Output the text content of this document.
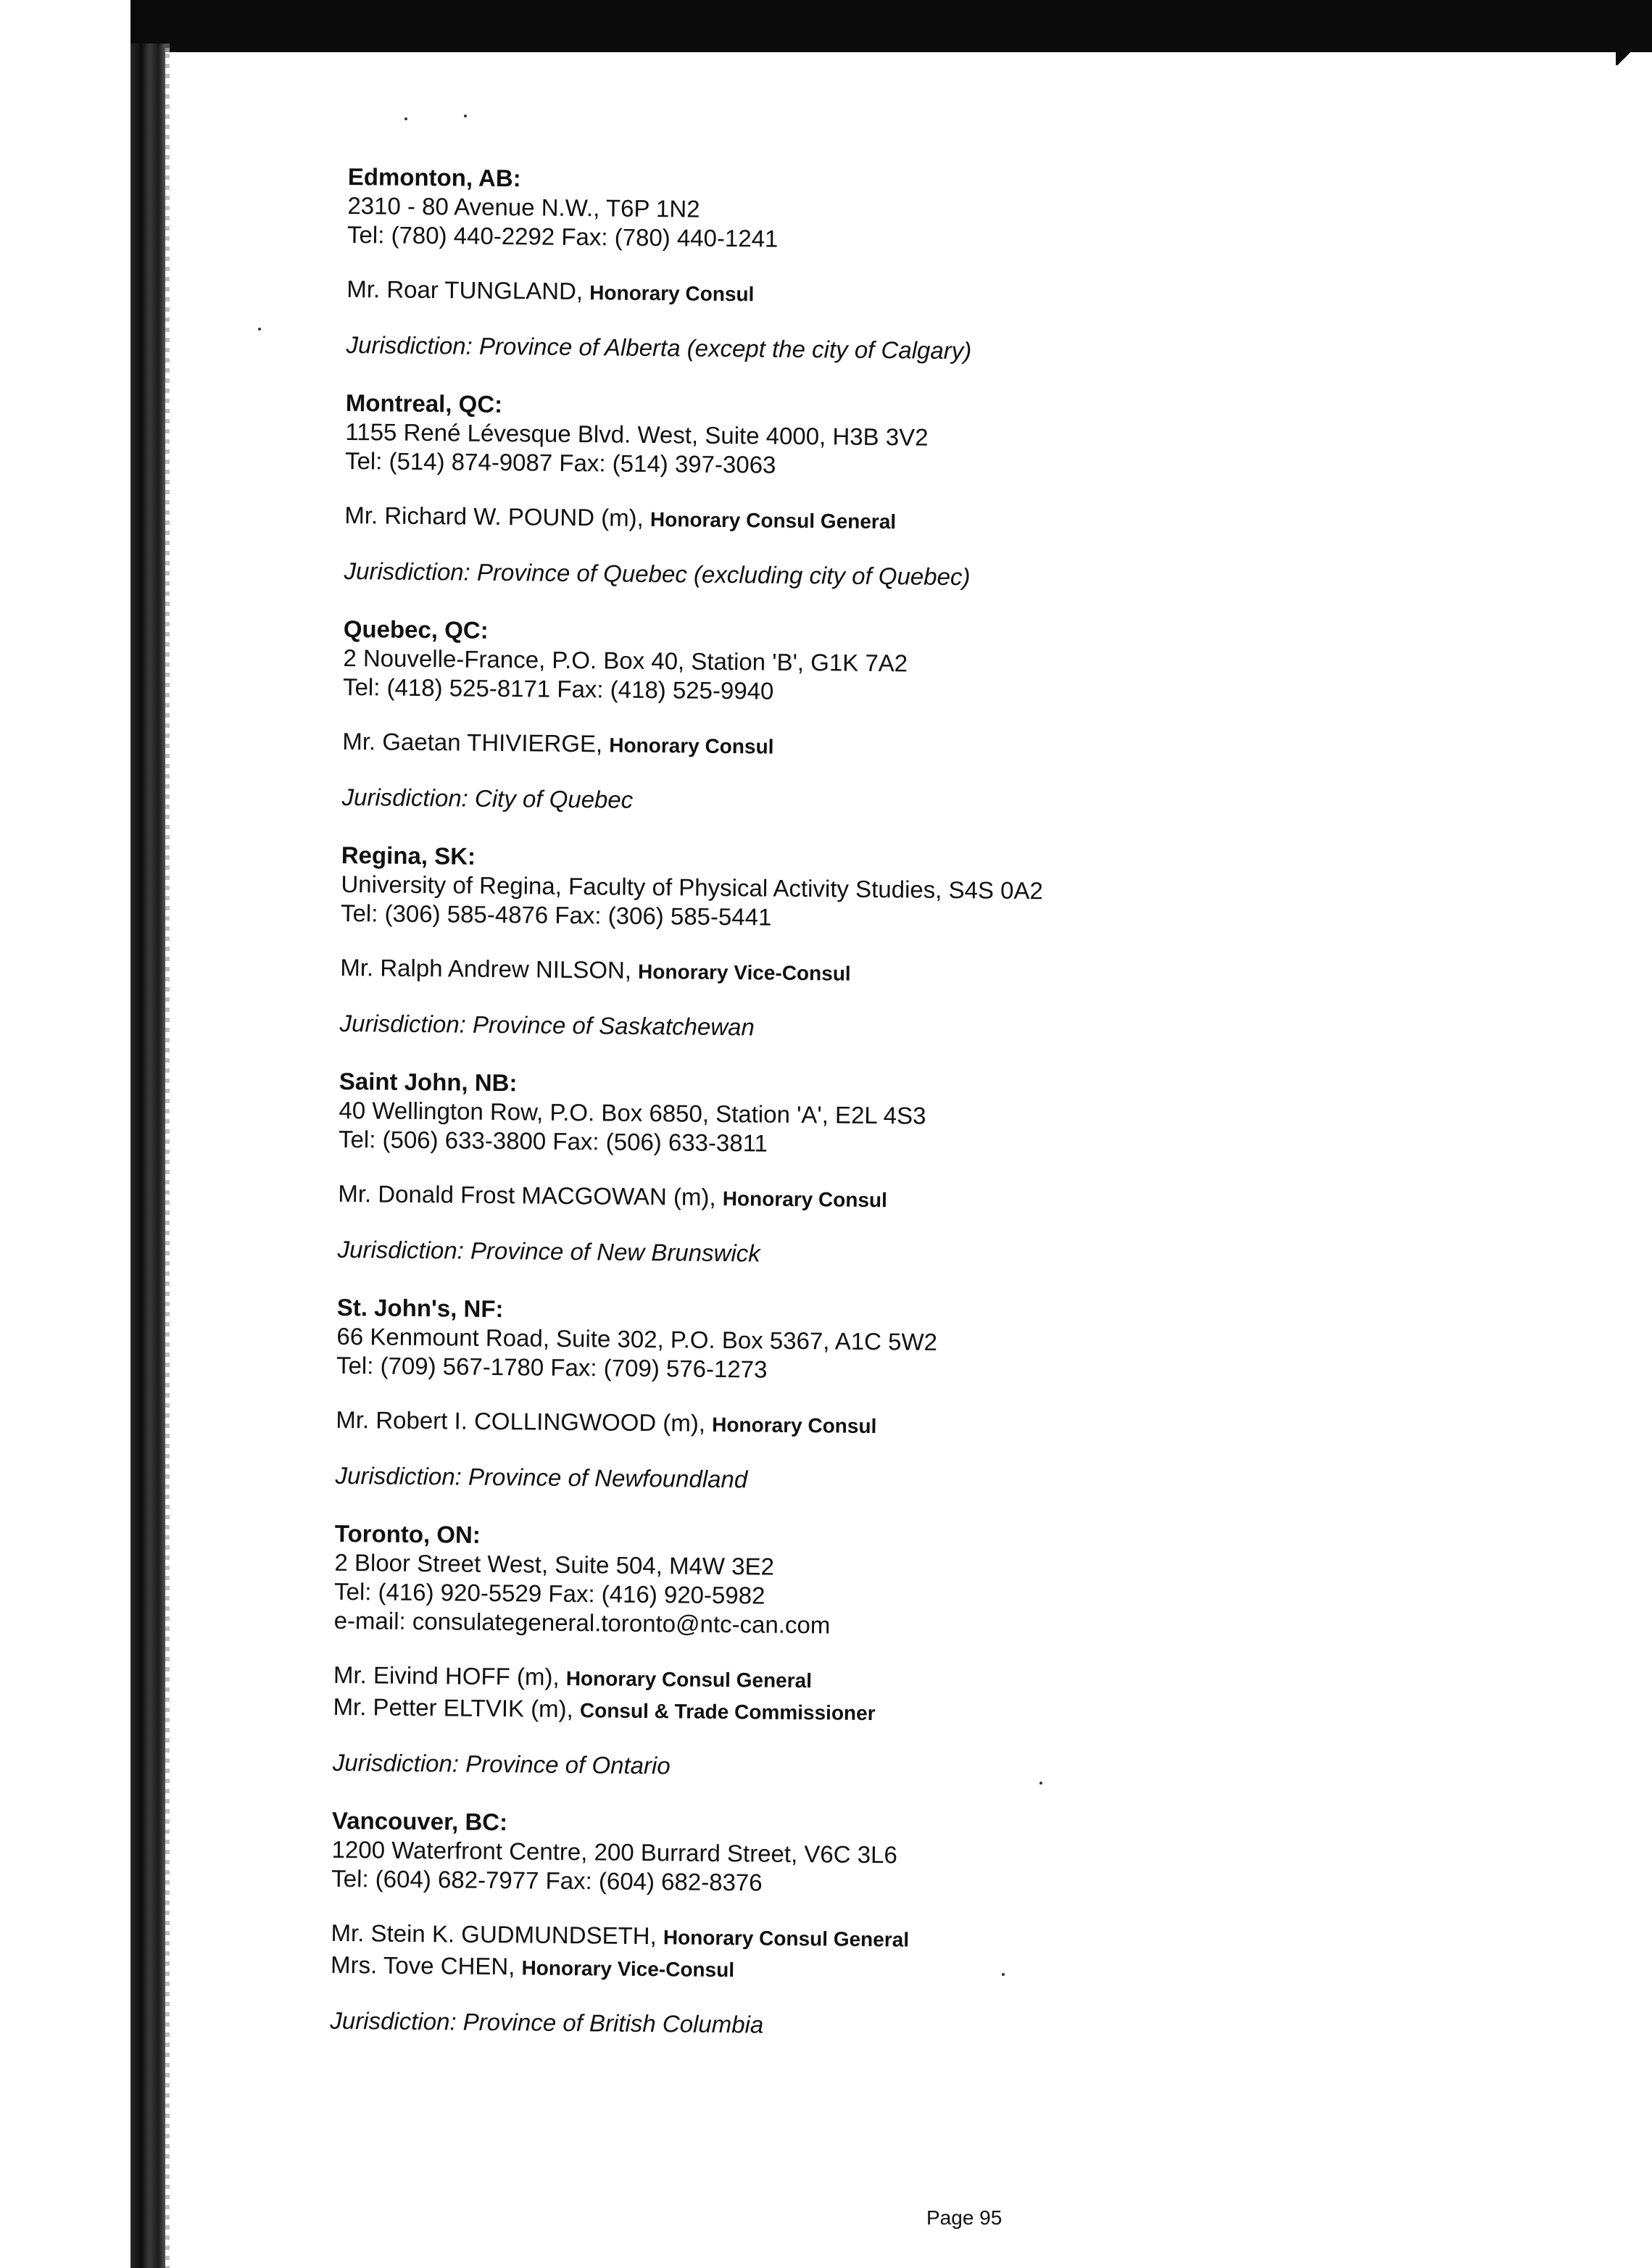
Edmonton, AB:
2310 - 80 Avenue N.W., T6P 1N2
Tel: (780) 440-2292 Fax: (780) 440-1241
Mr. Roar TUNGLAND, Honorary Consul
Jurisdiction: Province of Alberta (except the city of Calgary)
Montreal, QC:
1155 René Lévesque Blvd. West, Suite 4000, H3B 3V2
Tel: (514) 874-9087 Fax: (514) 397-3063
Mr. Richard W. POUND (m), Honorary Consul General
Jurisdiction: Province of Quebec (excluding city of Quebec)
Quebec, QC:
2 Nouvelle-France, P.O. Box 40, Station 'B', G1K 7A2
Tel: (418) 525-8171 Fax: (418) 525-9940
Mr. Gaetan THIVIERGE, Honorary Consul
Jurisdiction: City of Quebec
Regina, SK:
University of Regina, Faculty of Physical Activity Studies, S4S 0A2
Tel: (306) 585-4876 Fax: (306) 585-5441
Mr. Ralph Andrew NILSON, Honorary Vice-Consul
Jurisdiction: Province of Saskatchewan
Saint John, NB:
40 Wellington Row, P.O. Box 6850, Station 'A', E2L 4S3
Tel: (506) 633-3800 Fax: (506) 633-3811
Mr. Donald Frost MACGOWAN (m), Honorary Consul
Jurisdiction: Province of New Brunswick
St. John's, NF:
66 Kenmount Road, Suite 302, P.O. Box 5367, A1C 5W2
Tel: (709) 567-1780 Fax: (709) 576-1273
Mr. Robert I. COLLINGWOOD (m), Honorary Consul
Jurisdiction: Province of Newfoundland
Toronto, ON:
2 Bloor Street West, Suite 504, M4W 3E2
Tel: (416) 920-5529 Fax: (416) 920-5982
e-mail: consulategeneral.toronto@ntc-can.com
Mr. Eivind HOFF (m), Honorary Consul General
Mr. Petter ELTVIK (m), Consul & Trade Commissioner
Jurisdiction: Province of Ontario
Vancouver, BC:
1200 Waterfront Centre, 200 Burrard Street, V6C 3L6
Tel: (604) 682-7977 Fax: (604) 682-8376
Mr. Stein K. GUDMUNDSETH, Honorary Consul General
Mrs. Tove CHEN, Honorary Vice-Consul
Jurisdiction: Province of British Columbia
Page 95
